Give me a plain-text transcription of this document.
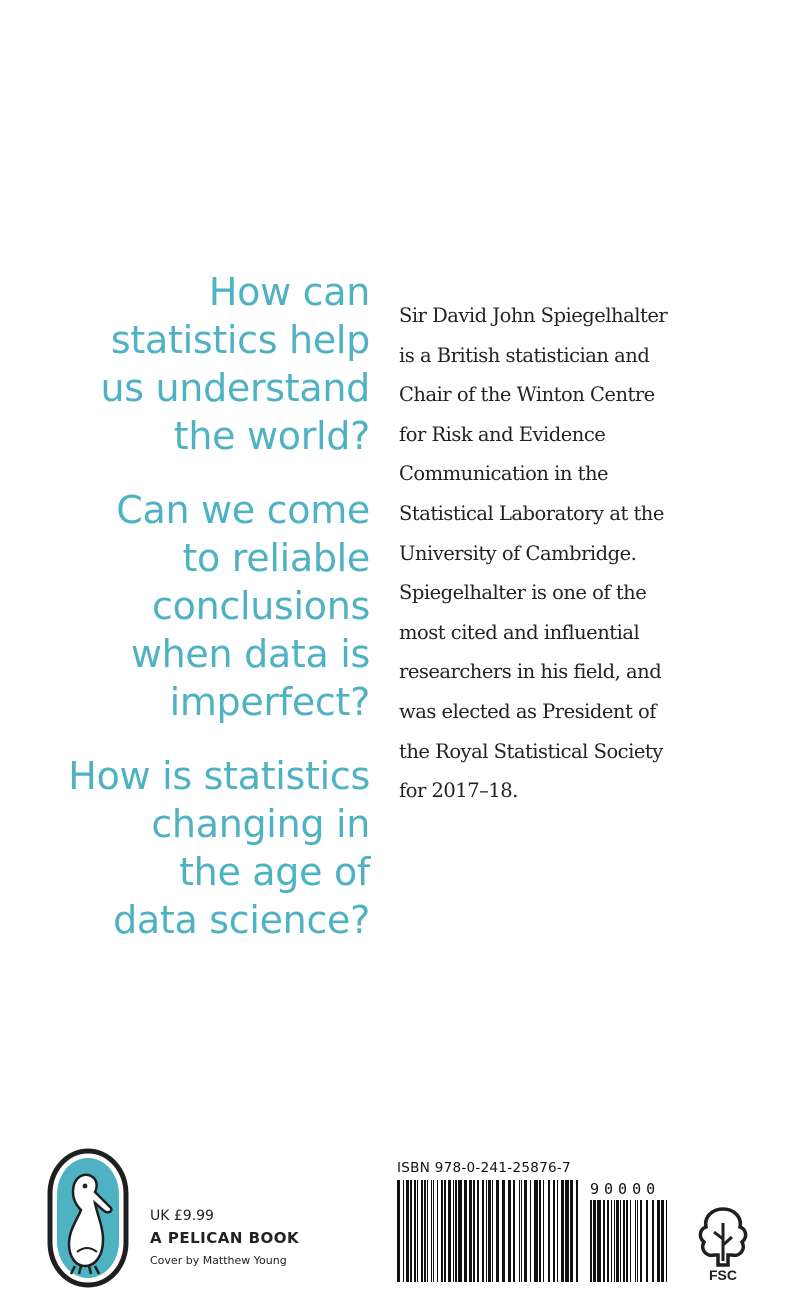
How can
statistics help
us understand
the world?

Can we come
to reliable
conclusions
when data is
imperfect?

How is statistics
changing in
the age of
data science?

Sir David John Spiegelhalter
is a British statistician and
Chair of the Winton Centre
for Risk and Evidence
Communication in the
Statistical Laboratory at the
University of Cambridge.
Spiegelhalter is one of the
most cited and influential
researchers in his field, and
was elected as President of
the Royal Statistical Society
for 2017–18.
UK £9.99
A PELICAN BOOK
Cover by Matthew Young
ISBN 978-0-241-25876-7
90000
FSC
